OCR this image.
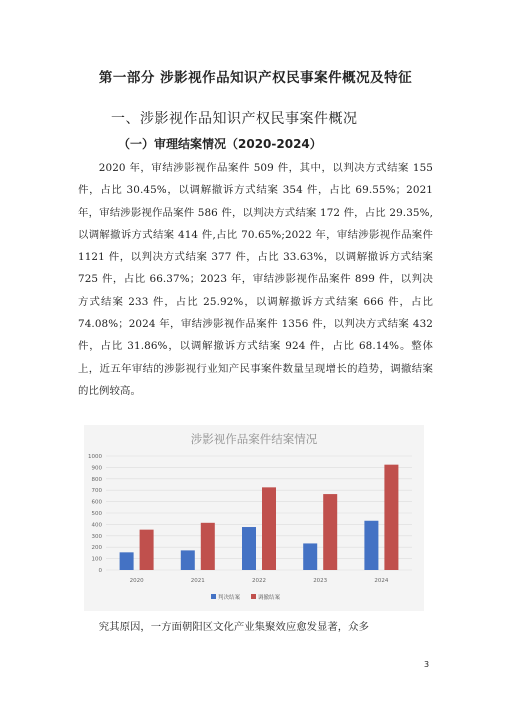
第一部分 涉影视作品知识产权民事案件概况及特征
一、涉影视作品知识产权民事案件概况
（一）审理结案情况（2020-2024）
2020 年，审结涉影视作品案件 509 件，其中，以判决方式结案 155 件，占比 30.45%，以调解撤诉方式结案 354 件，占比 69.55%；2021 年，审结涉影视作品案件 586 件，以判决方式结案 172 件，占比 29.35%,以调解撤诉方式结案 414 件,占比 70.65%;2022 年，审结涉影视作品案件 1121 件，以判决方式结案 377 件，占比 33.63%，以调解撤诉方式结案 725 件，占比 66.37%；2023 年，审结涉影视作品案件 899 件，以判决方式结案 233 件，占比 25.92%，以调解撤诉方式结案 666 件，占比 74.08%；2024 年，审结涉影视作品案件 1356 件，以判决方式结案 432 件，占比 31.86%，以调解撤诉方式结案 924 件，占比 68.14%。整体上，近五年审结的涉影视行业知产民事案件数量呈现增长的趋势，调撤结案的比例较高。
涉影视作品案件结案情况
0
100
200
300
400
500
600
700
800
900
1000
2020	2021	2022	2023	2024
判决结案	调撤结案
究其原因，一方面朝阳区文化产业集聚效应愈发显著，众多
3
